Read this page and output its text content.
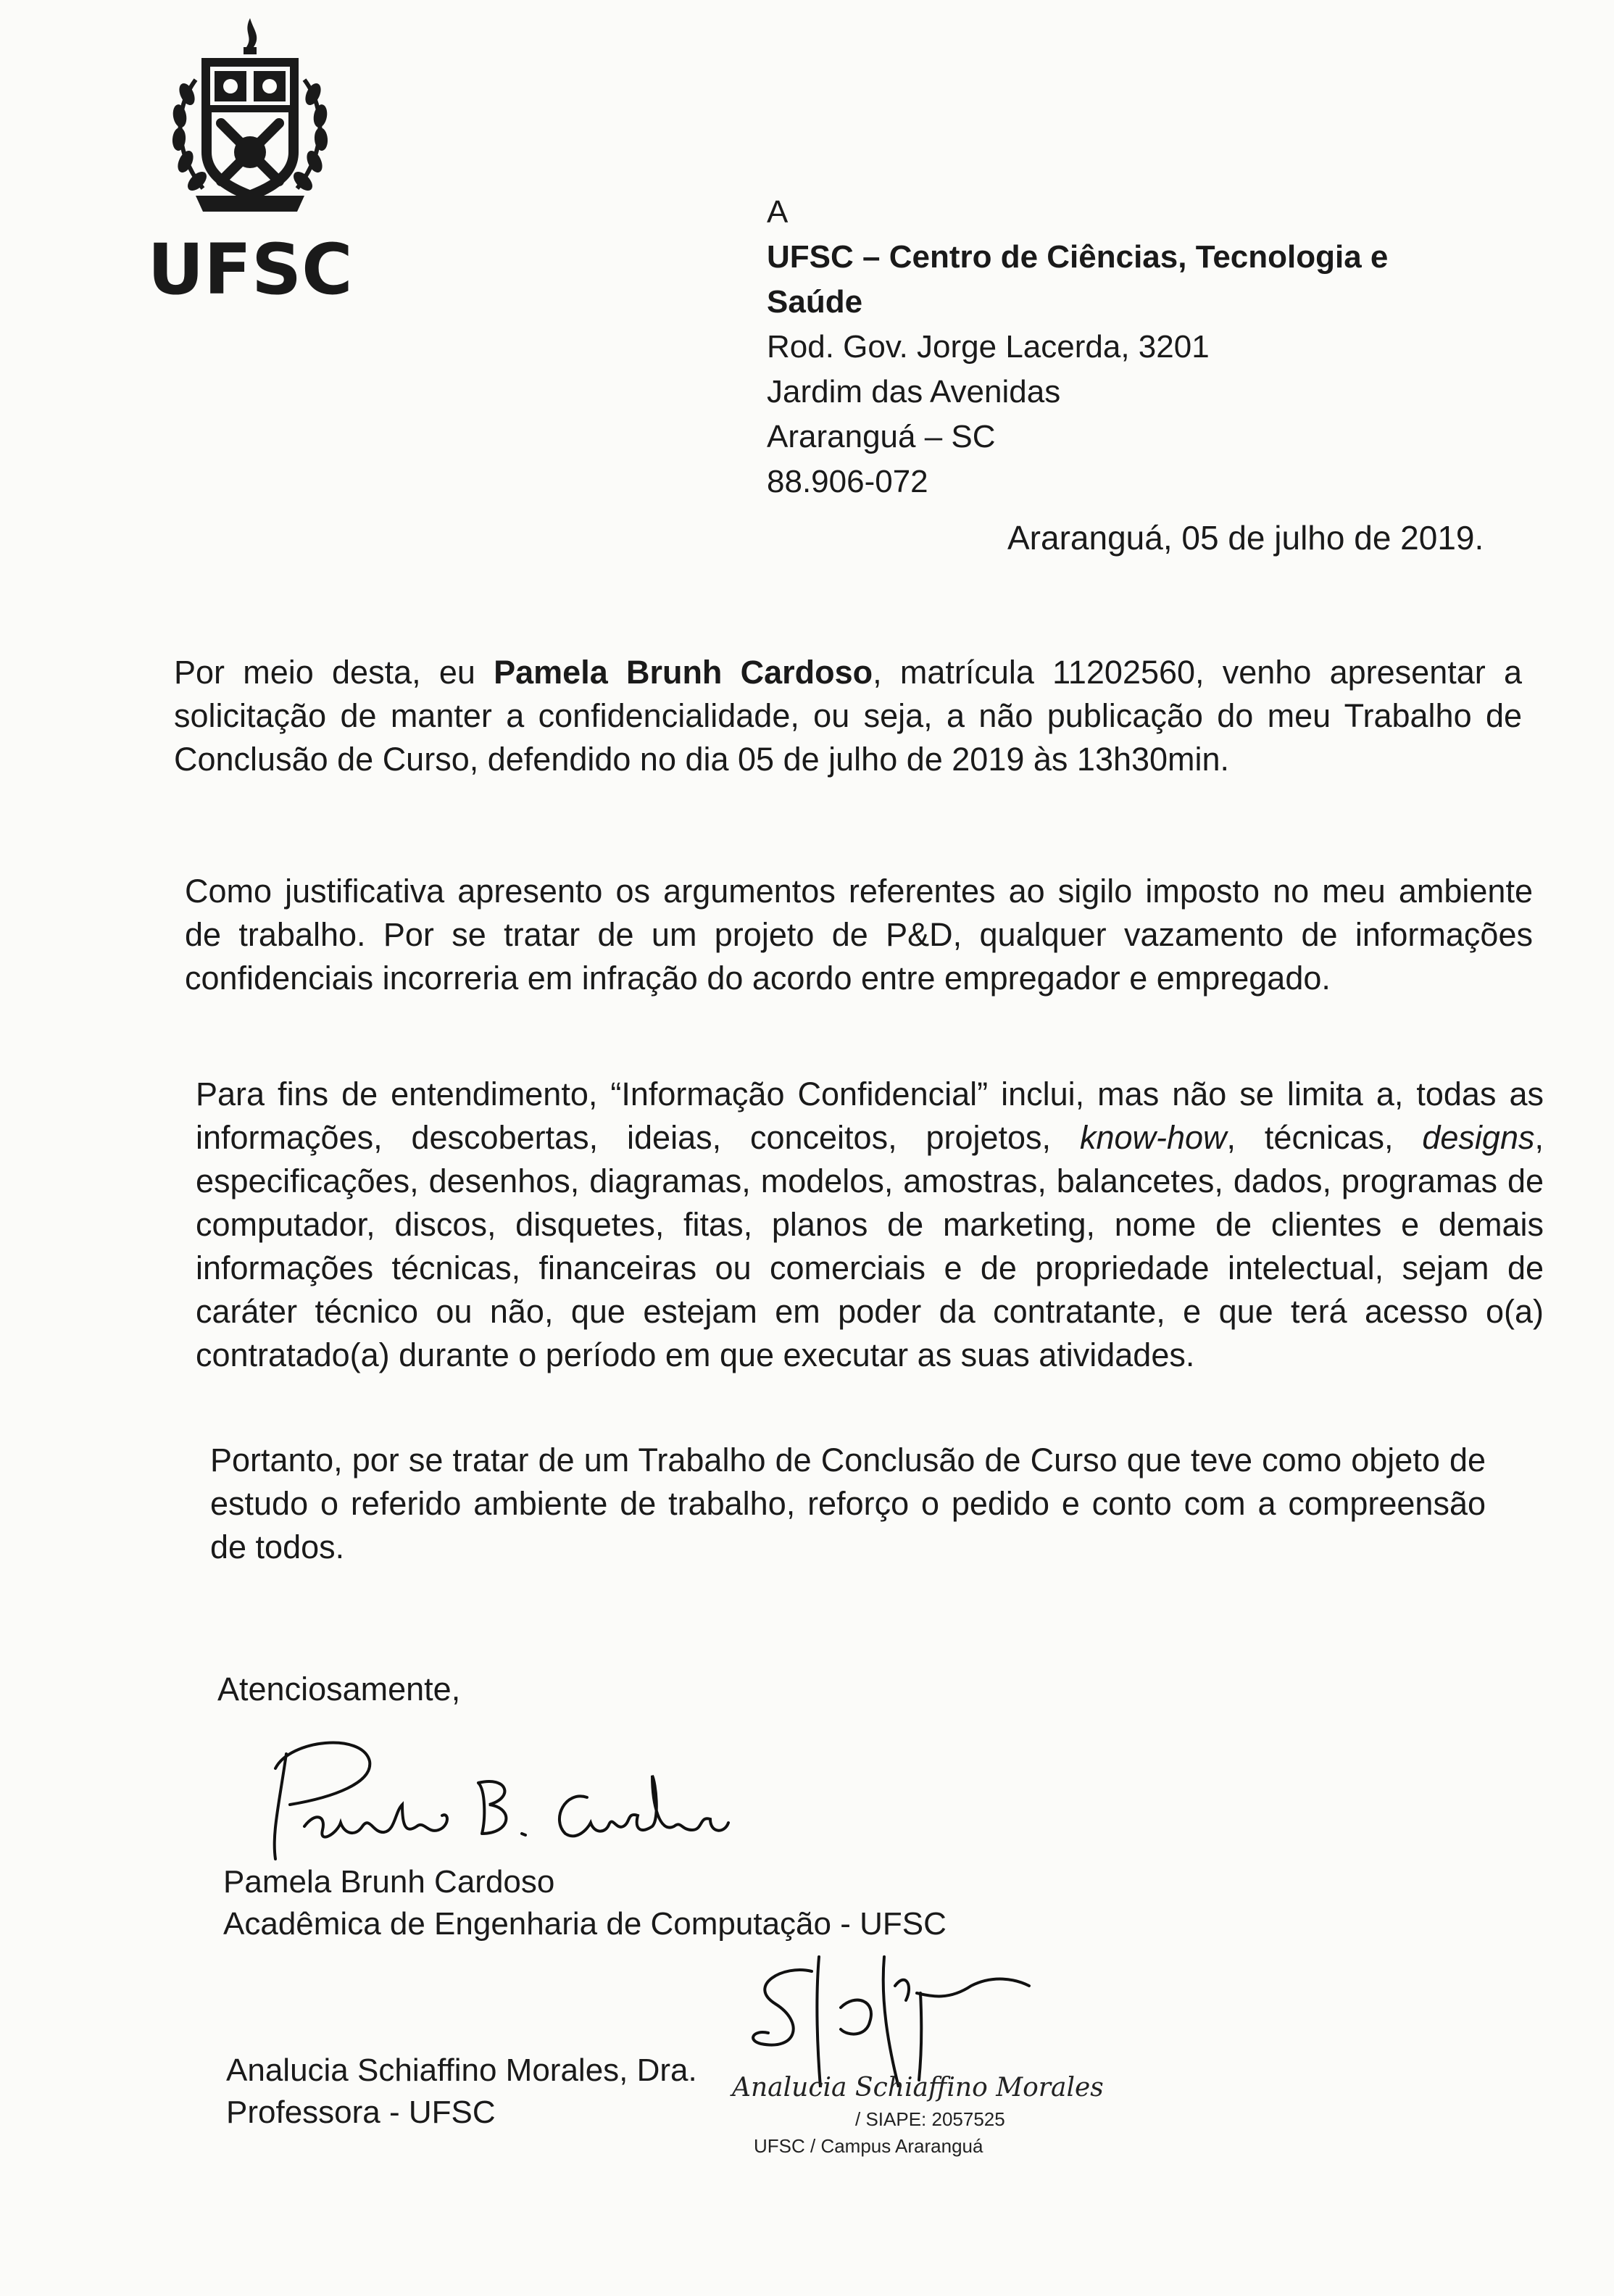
UFSC
A
UFSC – Centro de Ciências, Tecnologia e
Saúde
Rod. Gov. Jorge Lacerda, 3201
Jardim das Avenidas
Araranguá – SC
88.906-072
Araranguá, 05 de julho de 2019.
Por meio desta, eu Pamela Brunh Cardoso, matrícula 11202560, venho apresentar a solicitação de manter a confidencialidade, ou seja, a não publicação do meu Trabalho de Conclusão de Curso, defendido no dia 05 de julho de 2019 às 13h30min.
Como justificativa apresento os argumentos referentes ao sigilo imposto no meu ambiente de trabalho. Por se tratar de um projeto de P&D, qualquer vazamento de informações confidenciais incorreria em infração do acordo entre empregador e empregado.
Para fins de entendimento, “Informação Confidencial” inclui, mas não se limita a, todas as informações, descobertas, ideias, conceitos, projetos, know-how, técnicas, designs, especificações, desenhos, diagramas, modelos, amostras, balancetes, dados, programas de computador, discos, disquetes, fitas, planos de marketing, nome de clientes e demais informações técnicas, financeiras ou comerciais e de propriedade intelectual, sejam de caráter técnico ou não, que estejam em poder da contratante, e que terá acesso o(a) contratado(a) durante o período em que executar as suas atividades.
Portanto, por se tratar de um Trabalho de Conclusão de Curso que teve como objeto de estudo o referido ambiente de trabalho, reforço o pedido e conto com a compreensão de todos.
Atenciosamente,
Pamela Brunh Cardoso
Acadêmica de Engenharia de Computação - UFSC
Analucia Schiaffino Morales, Dra.
Professora - UFSC
Analucia Schiaffino Morales
/ SIAPE: 2057525
UFSC / Campus Araranguá
